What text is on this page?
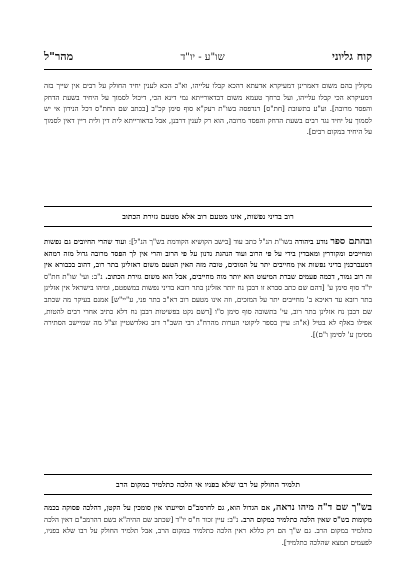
קוח גליוני
שו"ע - יו"ד
מהר"ל
מקולין בהם משום דאמרינן דמעיקרא אדעתא דהכא קבלו עלייהו, וא"כ הכא לענין יחיד החולק על רבים אין שייך בזה דמעיקרא הכי קבלו עלייהו, ועל כרחך טעמא משום דבדאורייתא נמי דינא הכי, דיכול לסמוך על היחיד בשעת הדחק והפסד מרובה]. וע"ע בתשובת [חת"ס] דנדפסה בשו"ת רעק"א סוף סימן קכ"ב [בכתב שם החת"ס דכל הנידון אי יש לסמוך על יחיד נגד רבים בשעת הדחק והפסד מרובה, הוא רק לענין דרבנן, אבל בדאורייתא לית דין ולית דיין דאין לסמוך על היחיד במקום רבים].
רוב בדיני נפשות, אינו מטעם רוב אלא מטעם גזירת הכתוב
ובהתם ספר נודע ביהודה בשו"ת הנ"ל כתב עוד [בישב הקושיא הקודמת בש"ך הנ"ל]: ועוד שהרי החיובים גם נפשות ומחייבים ומקודרין ומאבדין בידי על פי הרוב ועוד הנהגת נדנון על פי הרוב והרי אין לך הפסד מרובה גדול מזה דמהא דמעברכנין בדיני נפשות אין מחייבים יתר על המוכים, טובה מזה האין הטעם משום דאזלינן בתר רוב, דהוב בכבורא אין זה רוב גמור, דכמה פעמים שברת המיעוט הוא יותר מוה מחייבים, אבל הוא משום גזירת הכתוב. נ"ב: ועי' שו"ת חת"ס יו"ד סוף סימן ע' [דהם שם כתב סברא זו דבכן נח יותר אזלינן בתר רובא בדיני נפשות במשפטם, ומיהו בישראל אין אזלינן בתר רובא עד דאיכא ב' מחייבים יתר על המזכים, וזה אינו מטעם רוב דא"כ בתר פני, ע"יי"ש] אמנם בעיקר מה שכתב שם דבבן נח אזלינן בתר רוב, עי' בתשובה סוף סימן ס"ו [דשם נקט בפשיטות דבבן נח דלא כתיב אחרי רבים להטות, אפילו באלף לא בטיל (א"ה: עיין בספר ליקוטי הערות מהרח"ג רבי השב"ר דוב גאלדשטיין זצ"ל מה שמיישב הסתירה מסימן ע' לסימן ו"ם)].
תלמיד החולק על רבו שלא בפניו אי הלכה כתלמיד במקום הרב
בש"ך שם ד"ה מיהו נראה, אם הגדול הוא, גם לחרמב"ם וסייעתו אין סומכין על הקטן, דהלכה פסוקה בכמה מקומות בש"ס שאין הלכה כתלמיד במקום הרב. נ"ב: עיין זכור ח"ס יו"ד [שכתב שם ההיה"א בשם דהרמב"ם דאין הלכה כתלמיד במקום הרב. גם ש"ך הם רק כללא ראין הלכה כתלמיד במקום הרב, אבל תלמיד החולק על רבו שלא בפניו, לפעמים תמצא שהלכה כתלמיד].
